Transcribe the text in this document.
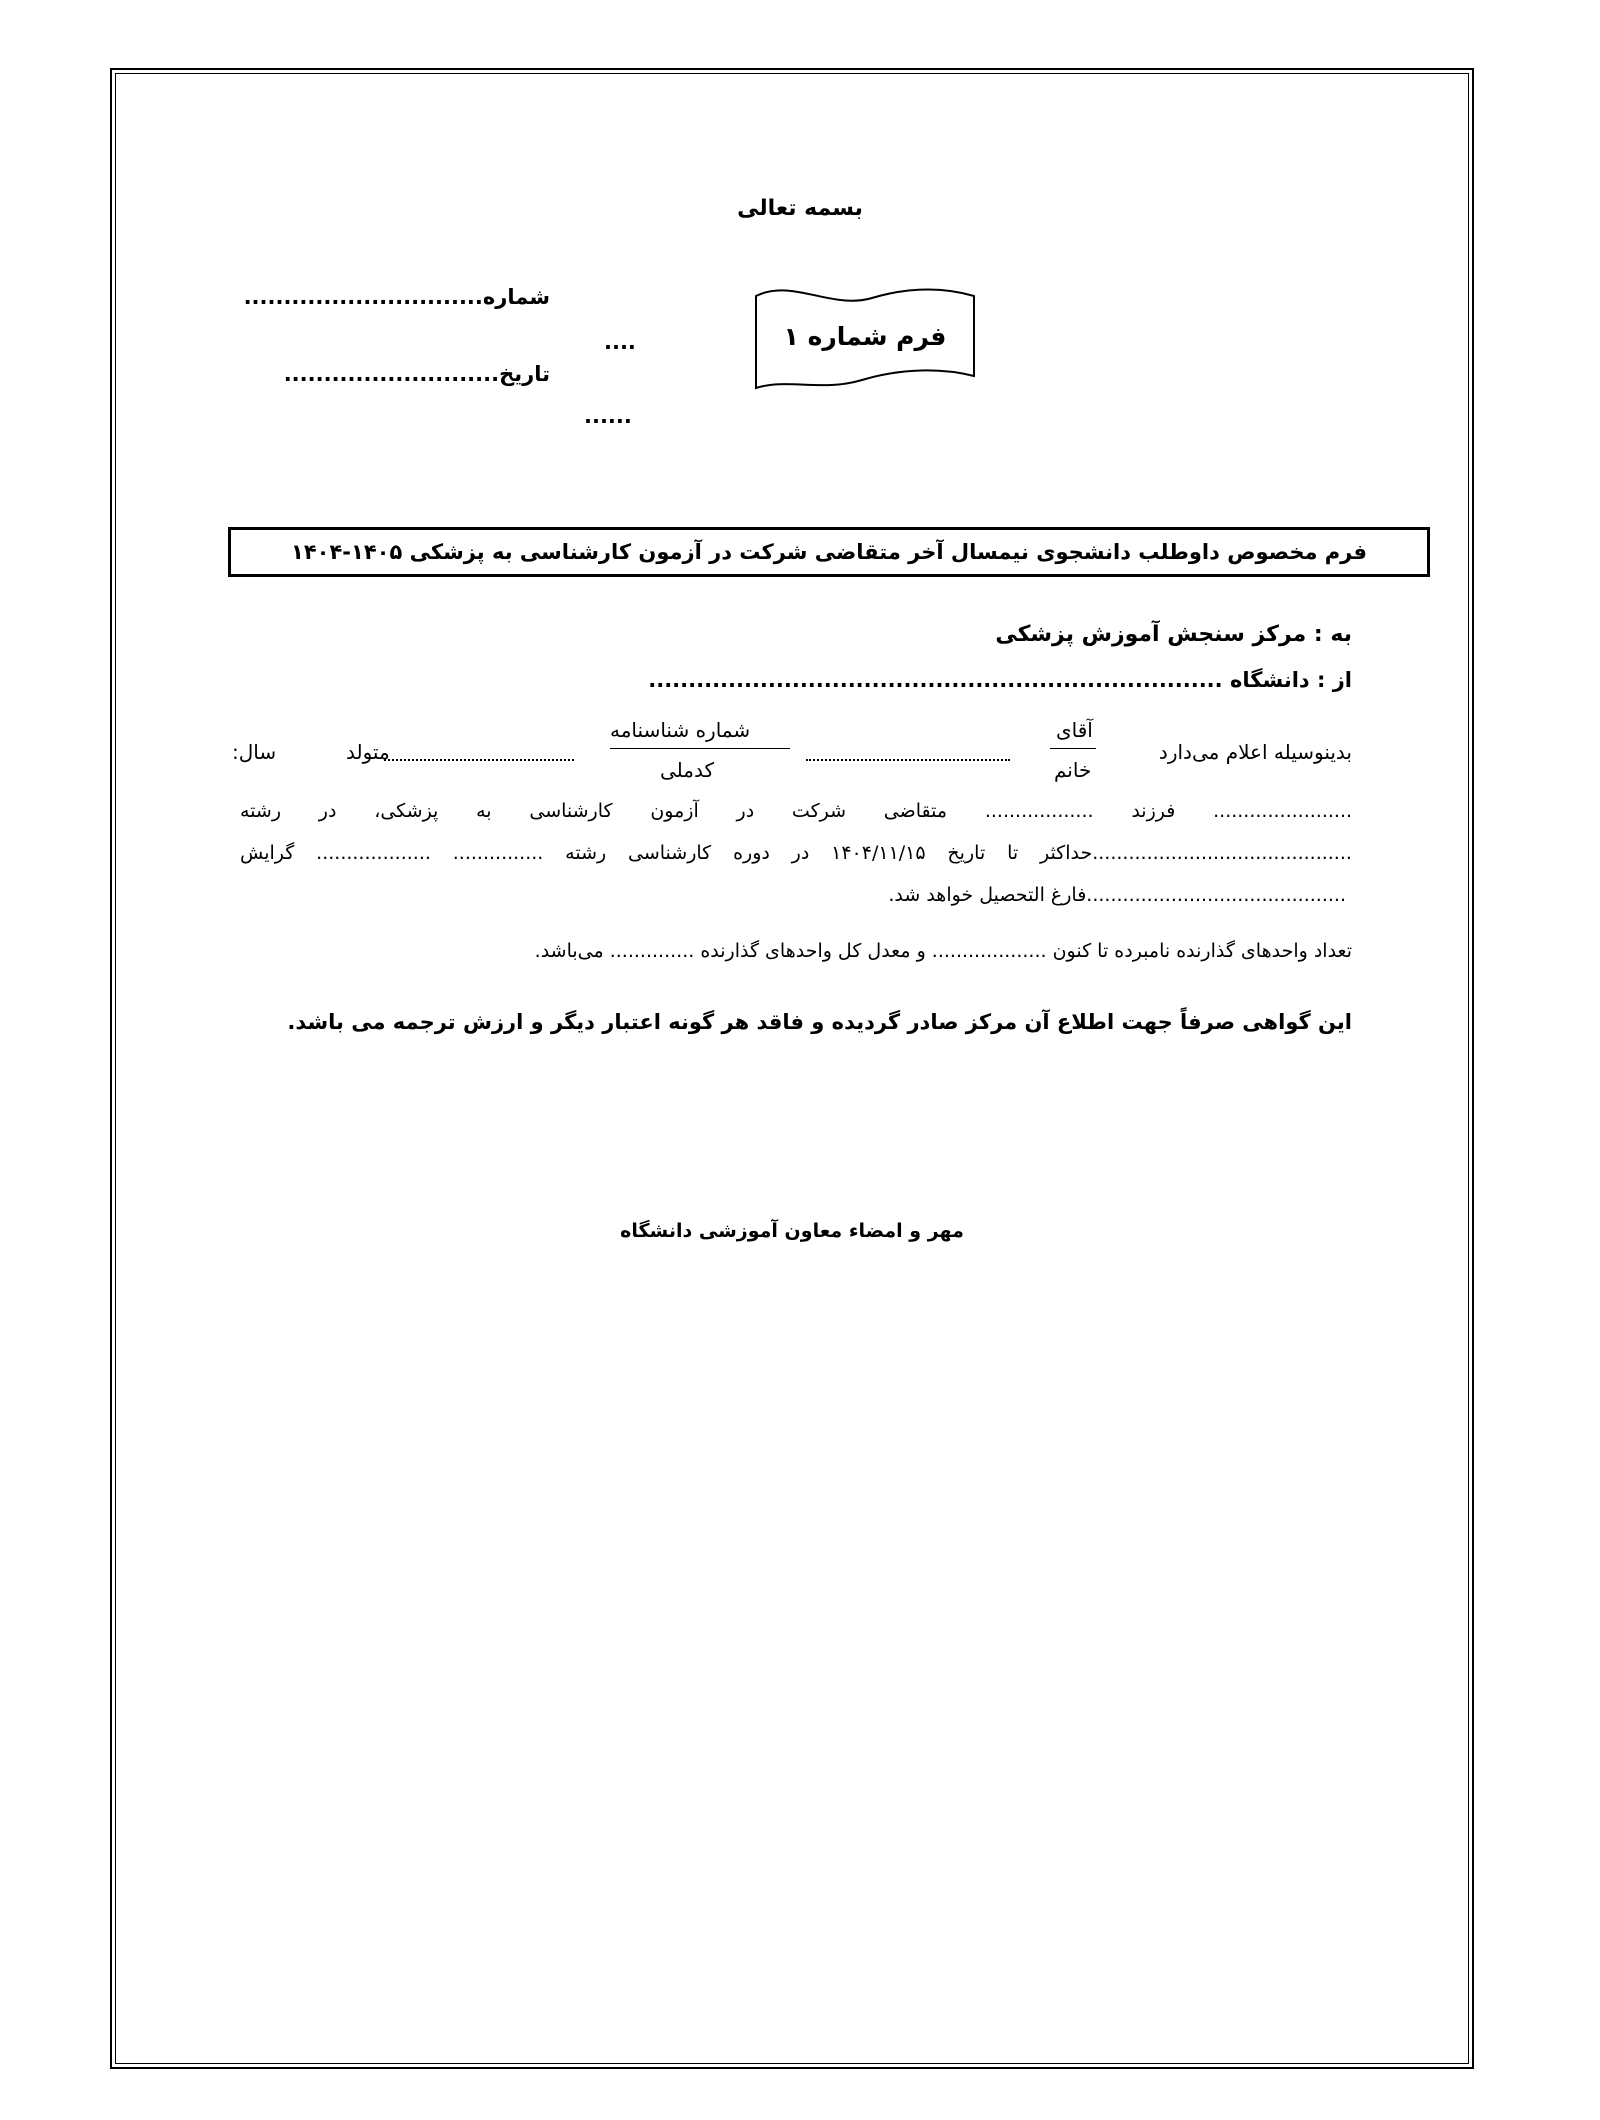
بسمه تعالی
شماره..............................
تاریخ...........................
....
......
فرم شماره ۱
فرم مخصوص داوطلب دانشجوی نیمسال آخر متقاضی شرکت در آزمون کارشناسی به پزشکی ۱۴۰۵-۱۴۰۴
به : مرکز سنجش آموزش پزشکی
از : دانشگاه ........................................................................
بدینوسیله اعلام می‌دارد
آقای
خانم
شماره شناسنامه
کدملی
متولد
سال:
....................... فرزند .................. متقاضی شرکت در آزمون کارشناسی به پزشکی، در رشته
...........................................حداکثر تا تاریخ ۱۴۰۴/۱۱/۱۵ در دوره کارشناسی رشته ............... ................... گرایش
...........................................فارغ التحصیل خواهد شد.
تعداد واحدهای گذارنده نامبرده تا کنون ................... و معدل کل واحدهای گذارنده .............. می‌باشد.
این گواهی صرفاً جهت اطلاع آن مرکز صادر گردیده و فاقد هر گونه اعتبار دیگر و ارزش ترجمه می باشد.
مهر و امضاء معاون آموزشی دانشگاه
